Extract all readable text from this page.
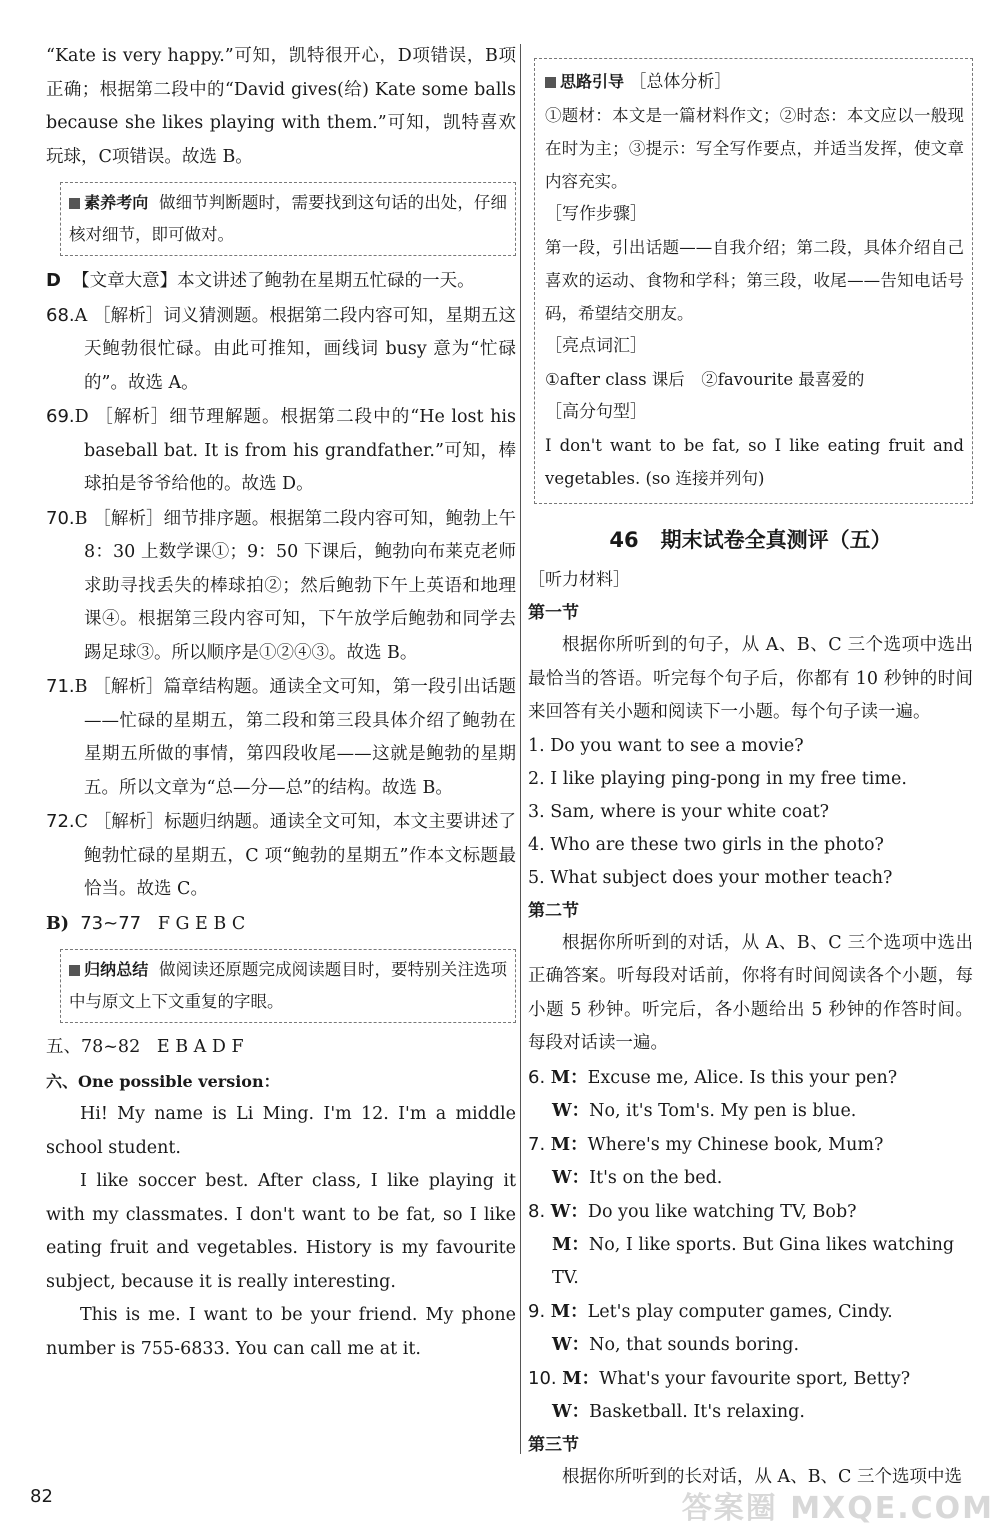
“Kate is very happy.”可知，凯特很开心，D项错误，B项正确；根据第二段中的“David gives(给) Kate some balls because she likes playing with them.”可知，凯特喜欢玩球，C项错误。故选 B。

素养考向 做细节判断题时，需要找到这句话的出处，仔细核对细节，即可做对。

D 【文章大意】本文讲述了鲍勃在星期五忙碌的一天。

68.A ［解析］词义猜测题。根据第二段内容可知，星期五这天鲍勃很忙碌。由此可推知，画线词 busy 意为“忙碌的”。故选 A。

69.D ［解析］细节理解题。根据第二段中的“He lost his baseball bat. It is from his grandfather.”可知，棒球拍是爷爷给他的。故选 D。

70.B ［解析］细节排序题。根据第二段内容可知，鲍勃上午 8：30 上数学课①；9：50 下课后，鲍勃向布莱克老师求助寻找丢失的棒球拍②；然后鲍勃下午上英语和地理课④。根据第三段内容可知，下午放学后鲍勃和同学去踢足球③。所以顺序是①②④③。故选 B。

71.B ［解析］篇章结构题。通读全文可知，第一段引出话题——忙碌的星期五，第二段和第三段具体介绍了鲍勃在星期五所做的事情，第四段收尾——这就是鲍勃的星期五。所以文章为“总—分—总”的结构。故选 B。

72.C ［解析］标题归纳题。通读全文可知，本文主要讲述了鲍勃忙碌的星期五，C 项“鲍勃的星期五”作本文标题最恰当。故选 C。

B) 73~77 F G E B C

归纳总结 做阅读还原题完成阅读题目时，要特别关注选项中与原文上下文重复的字眼。

五、78~82 E B A D F

六、One possible version：

Hi! My name is Li Ming. I'm 12. I'm a middle school student.

I like soccer best. After class, I like playing it with my classmates. I don't want to be fat, so I like eating fruit and vegetables. History is my favourite subject, because it is really interesting.

This is me. I want to be your friend. My phone number is 755-6833. You can call me at it.

思路引导 ［总体分析］

①题材：本文是一篇材料作文；②时态：本文应以一般现在时为主；③提示：写全写作要点，并适当发挥，使文章内容充实。

［写作步骤］

第一段，引出话题——自我介绍；第二段，具体介绍自己喜欢的运动、食物和学科；第三段，收尾——告知电话号码，希望结交朋友。

［亮点词汇］

①after class 课后　②favourite 最喜爱的

［高分句型］

I don't want to be fat, so I like eating fruit and vegetables. (so 连接并列句)

46 期末试卷全真测评（五）

［听力材料］

第一节

根据你所听到的句子，从 A、B、C 三个选项中选出最恰当的答语。听完每个句子后，你都有 10 秒钟的时间来回答有关小题和阅读下一小题。每个句子读一遍。

1. Do you want to see a movie?

2. I like playing ping-pong in my free time.

3. Sam, where is your white coat?

4. Who are these two girls in the photo?

5. What subject does your mother teach?

第二节

根据你所听到的对话，从 A、B、C 三个选项中选出正确答案。听每段对话前，你将有时间阅读各个小题，每小题 5 秒钟。听完后，各小题给出 5 秒钟的作答时间。每段对话读一遍。

6. M：Excuse me, Alice. Is this your pen?

W：No, it's Tom's. My pen is blue.

7. M：Where's my Chinese book, Mum?

W：It's on the bed.

8. W：Do you like watching TV, Bob?

M：No, I like sports. But Gina likes watching TV.

9. M：Let's play computer games, Cindy.

W：No, that sounds boring.

10. M：What's your favourite sport, Betty?

W：Basketball. It's relaxing.

第三节

根据你所听到的长对话，从 A、B、C 三个选项中选

82	答案圈 MXQE.COM
